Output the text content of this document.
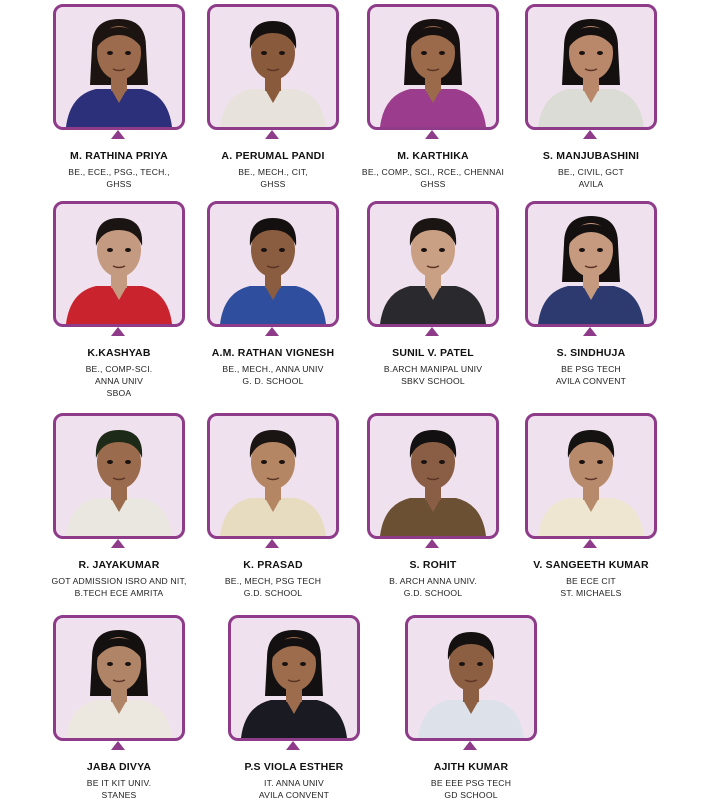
M. RATHINA PRIYA
BE., ECE., PSG., TECH.,
GHSS
A. PERUMAL PANDI
BE., MECH., CIT,
GHSS
M. KARTHIKA
BE., COMP., SCI., RCE., CHENNAI
GHSS
S. MANJUBASHINI
BE., CIVIL, GCT
AVILA
K.KASHYAB
BE., COMP-SCI.
ANNA UNIV
SBOA
A.M. RATHAN VIGNESH
BE., MECH., ANNA UNIV
G. D. SCHOOL
SUNIL V. PATEL
B.ARCH MANIPAL UNIV
SBKV SCHOOL
S. SINDHUJA
BE PSG TECH
AVILA CONVENT
R. JAYAKUMAR
GOT ADMISSION ISRO AND NIT,
B.TECH ECE AMRITA
K. PRASAD
BE., MECH, PSG TECH
G.D. SCHOOL
S. ROHIT
B. ARCH ANNA UNIV.
G.D. SCHOOL
V. SANGEETH KUMAR
BE ECE CIT
ST. MICHAELS
JABA DIVYA
BE IT KIT UNIV.
STANES
P.S VIOLA ESTHER
IT. ANNA UNIV
AVILA CONVENT
AJITH KUMAR
BE EEE PSG TECH
GD SCHOOL
